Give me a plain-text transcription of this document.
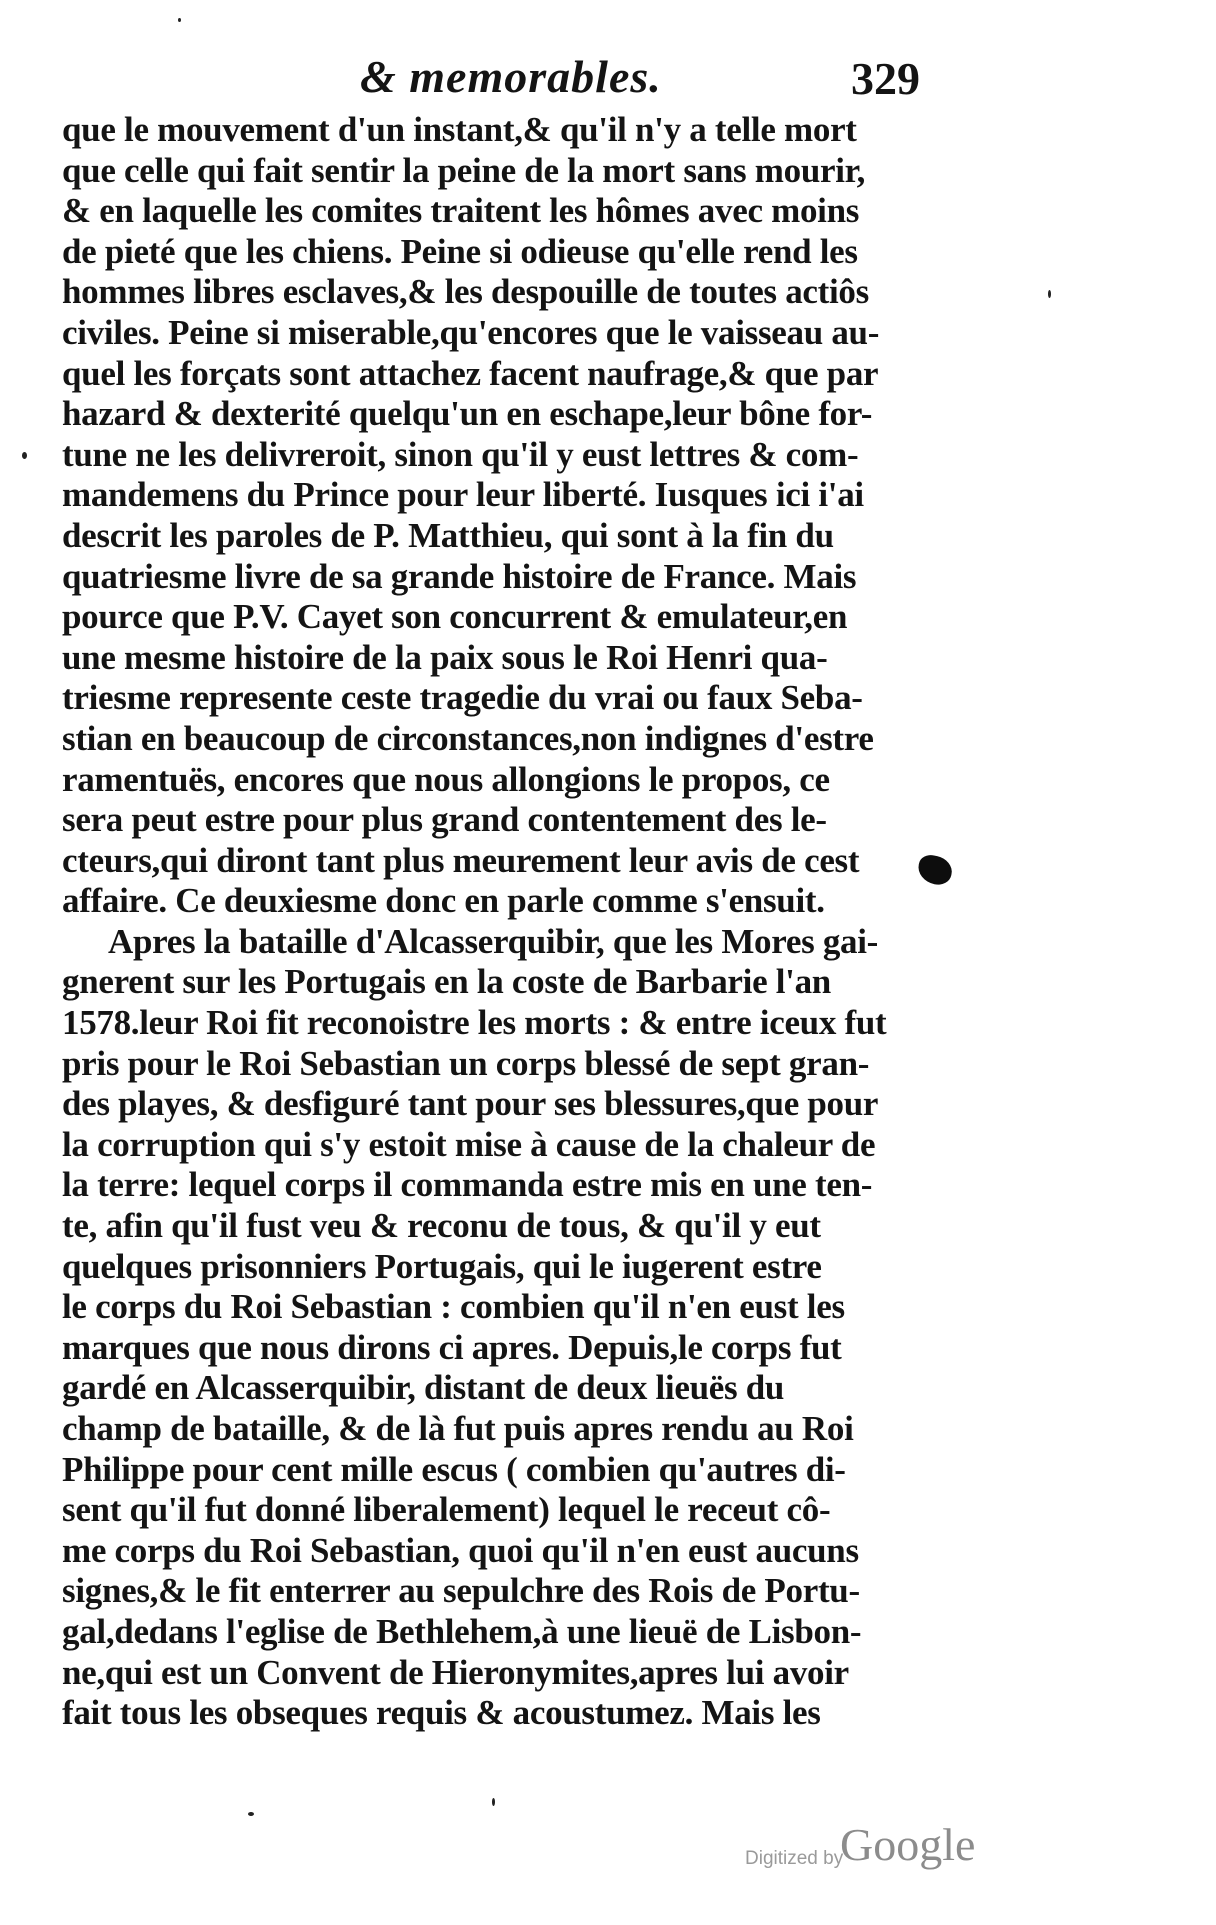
& memorables.	329
que le mouvement d'un instant,& qu'il n'y a telle mort
que celle qui fait sentir la peine de la mort sans mourir,
& en laquelle les comites traitent les hômes avec moins
de pieté que les chiens. Peine si odieuse qu'elle rend les
hommes libres esclaves,& les despouille de toutes actiôs
civiles. Peine si miserable,qu'encores que le vaisseau au-
quel les forçats sont attachez facent naufrage,& que par
hazard & dexterité quelqu'un en eschape,leur bône for-
tune ne les delivreroit, sinon qu'il y eust lettres & com-
mandemens du Prince pour leur liberté. Iusques ici i'ai
descrit les paroles de P. Matthieu, qui sont à la fin du
quatriesme livre de sa grande histoire de France. Mais
pource que P.V. Cayet son concurrent & emulateur,en
une mesme histoire de la paix sous le Roi Henri qua-
triesme represente ceste tragedie du vrai ou faux Seba-
stian en beaucoup de circonstances,non indignes d'estre
ramentuës, encores que nous allongions le propos, ce
sera peut estre pour plus grand contentement des le-
cteurs,qui diront tant plus meurement leur avis de cest
affaire. Ce deuxiesme donc en parle comme s'ensuit.
Apres la bataille d'Alcasserquibir, que les Mores gai-
gnerent sur les Portugais en la coste de Barbarie l'an
1578.leur Roi fit reconoistre les morts : & entre iceux fut
pris pour le Roi Sebastian un corps blessé de sept gran-
des playes, & desfiguré tant pour ses blessures,que pour
la corruption qui s'y estoit mise à cause de la chaleur de
la terre: lequel corps il commanda estre mis en une ten-
te, afin qu'il fust veu & reconu de tous, & qu'il y eut
quelques prisonniers Portugais, qui le iugerent estre
le corps du Roi Sebastian : combien qu'il n'en eust les
marques que nous dirons ci apres. Depuis,le corps fut
gardé en Alcasserquibir, distant de deux lieuës du
champ de bataille, & de là fut puis apres rendu au Roi
Philippe pour cent mille escus ( combien qu'autres di-
sent qu'il fut donné liberalement) lequel le receut cô-
me corps du Roi Sebastian, quoi qu'il n'en eust aucuns
signes,& le fit enterrer au sepulchre des Rois de Portu-
gal,dedans l'eglise de Bethlehem,à une lieuë de Lisbon-
ne,qui est un Convent de Hieronymites,apres lui avoir
fait tous les obseques requis & acoustumez. Mais les
Digitized by
Google
